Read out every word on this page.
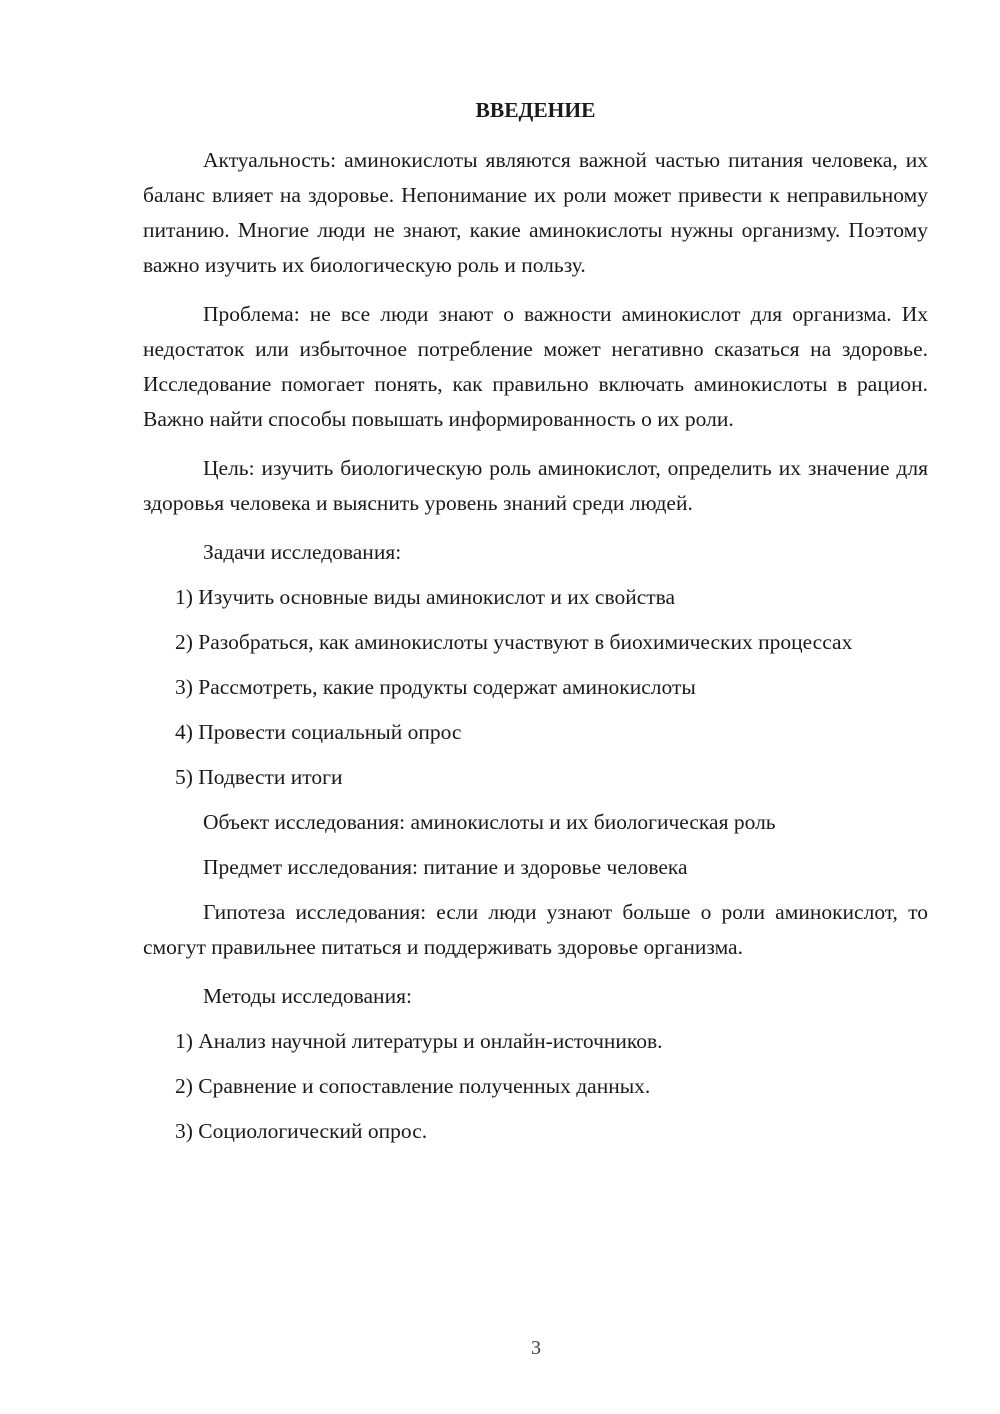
ВВЕДЕНИЕ

Актуальность: аминокислоты являются важной частью питания человека, их баланс влияет на здоровье. Непонимание их роли может привести к неправильному питанию. Многие люди не знают, какие аминокислоты нужны организму. Поэтому важно изучить их биологическую роль и пользу.

Проблема: не все люди знают о важности аминокислот для организма. Их недостаток или избыточное потребление может негативно сказаться на здоровье. Исследование помогает понять, как правильно включать аминокислоты в рацион. Важно найти способы повышать информированность о их роли.

Цель: изучить биологическую роль аминокислот, определить их значение для здоровья человека и выяснить уровень знаний среди людей.

Задачи исследования:

1) Изучить основные виды аминокислот и их свойства

2) Разобраться, как аминокислоты участвуют в биохимических процессах

3) Рассмотреть, какие продукты содержат аминокислоты

4) Провести социальный опрос

5) Подвести итоги

Объект исследования: аминокислоты и их биологическая роль

Предмет исследования: питание и здоровье человека

Гипотеза исследования: если люди узнают больше о роли аминокислот, то смогут правильнее питаться и поддерживать здоровье организма.

Методы исследования:

1) Анализ научной литературы и онлайн-источников.

2) Сравнение и сопоставление полученных данных.

3) Социологический опрос.

3
